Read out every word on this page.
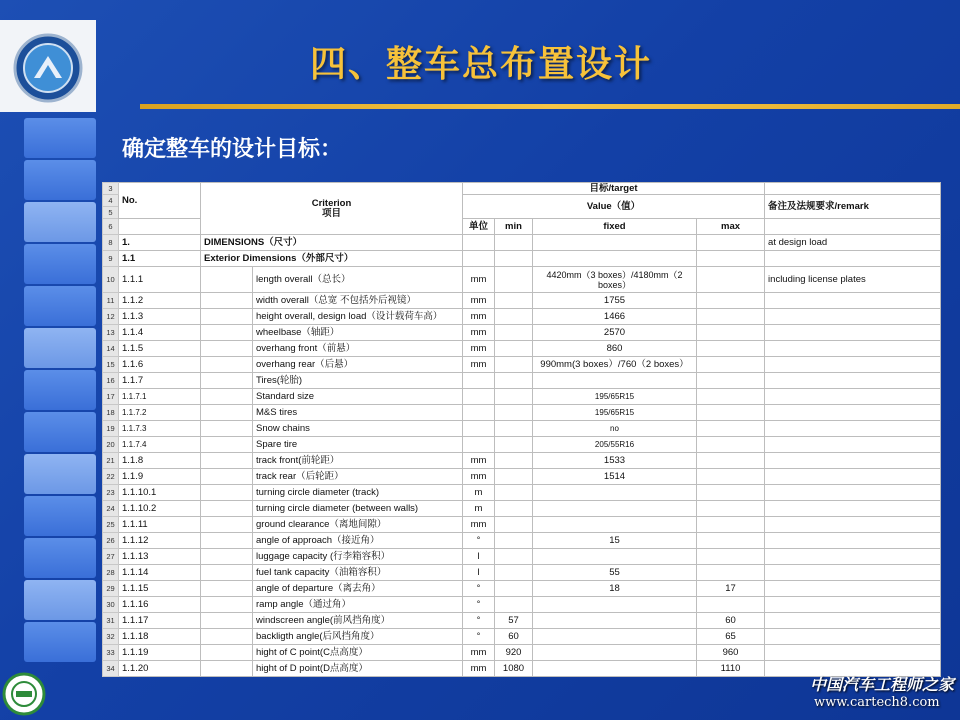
四、整车总布置设计
确定整车的设计目标：
3	No.	Criterion
项目		目标/target				
4				Value（值）				备注及法规要求/remark
5								
6				单位	min	fixed	max	
8	1.	DIMENSIONS（尺寸）						at design load
9	1.1	Exterior Dimensions（外部尺寸）						
10	1.1.1		length overall（总长）	mm		4420mm（3 boxes）/4180mm（2 boxes）		including license plates
11	1.1.2		width overall（总宽 不包括外后视镜）	mm		1755		
12	1.1.3		height overall, design load（设计载荷车高）	mm		1466		
13	1.1.4		wheelbase（轴距）	mm		2570		
14	1.1.5		overhang front（前悬）	mm		860		
15	1.1.6		overhang rear（后悬）	mm		990mm(3 boxes）/760（2 boxes）		
16	1.1.7		Tires(轮胎)					
17	1.1.7.1		Standard size			195/65R15		
18	1.1.7.2		M&S tires			195/65R15		
19	1.1.7.3		Snow chains			no		
20	1.1.7.4		Spare tire			205/55R16		
21	1.1.8		track front(前轮距）	mm		1533		
22	1.1.9		track rear（后轮距）	mm		1514		
23	1.1.10.1		turning circle diameter (track)	m				
24	1.1.10.2		turning circle diameter (between walls)	m				
25	1.1.11		ground clearance（离地间隙）	mm				
26	1.1.12		angle of approach（接近角）	°		15		
27	1.1.13		luggage capacity (行李箱容积）	l				
28	1.1.14		fuel tank capacity（油箱容积）	l		55		
29	1.1.15		angle of departure（离去角）	°		18	17	
30	1.1.16		ramp angle（通过角）	°				
31	1.1.17		windscreen angle(前风挡角度）	°	57		60	
32	1.1.18		backligth angle(后风挡角度）	°	60		65	
33	1.1.19		hight of C point(C点高度）	mm	920		960	
34	1.1.20		hight of D point(D点高度）	mm	1080		1110	
中国汽车工程师之家
www.cartech8.com
